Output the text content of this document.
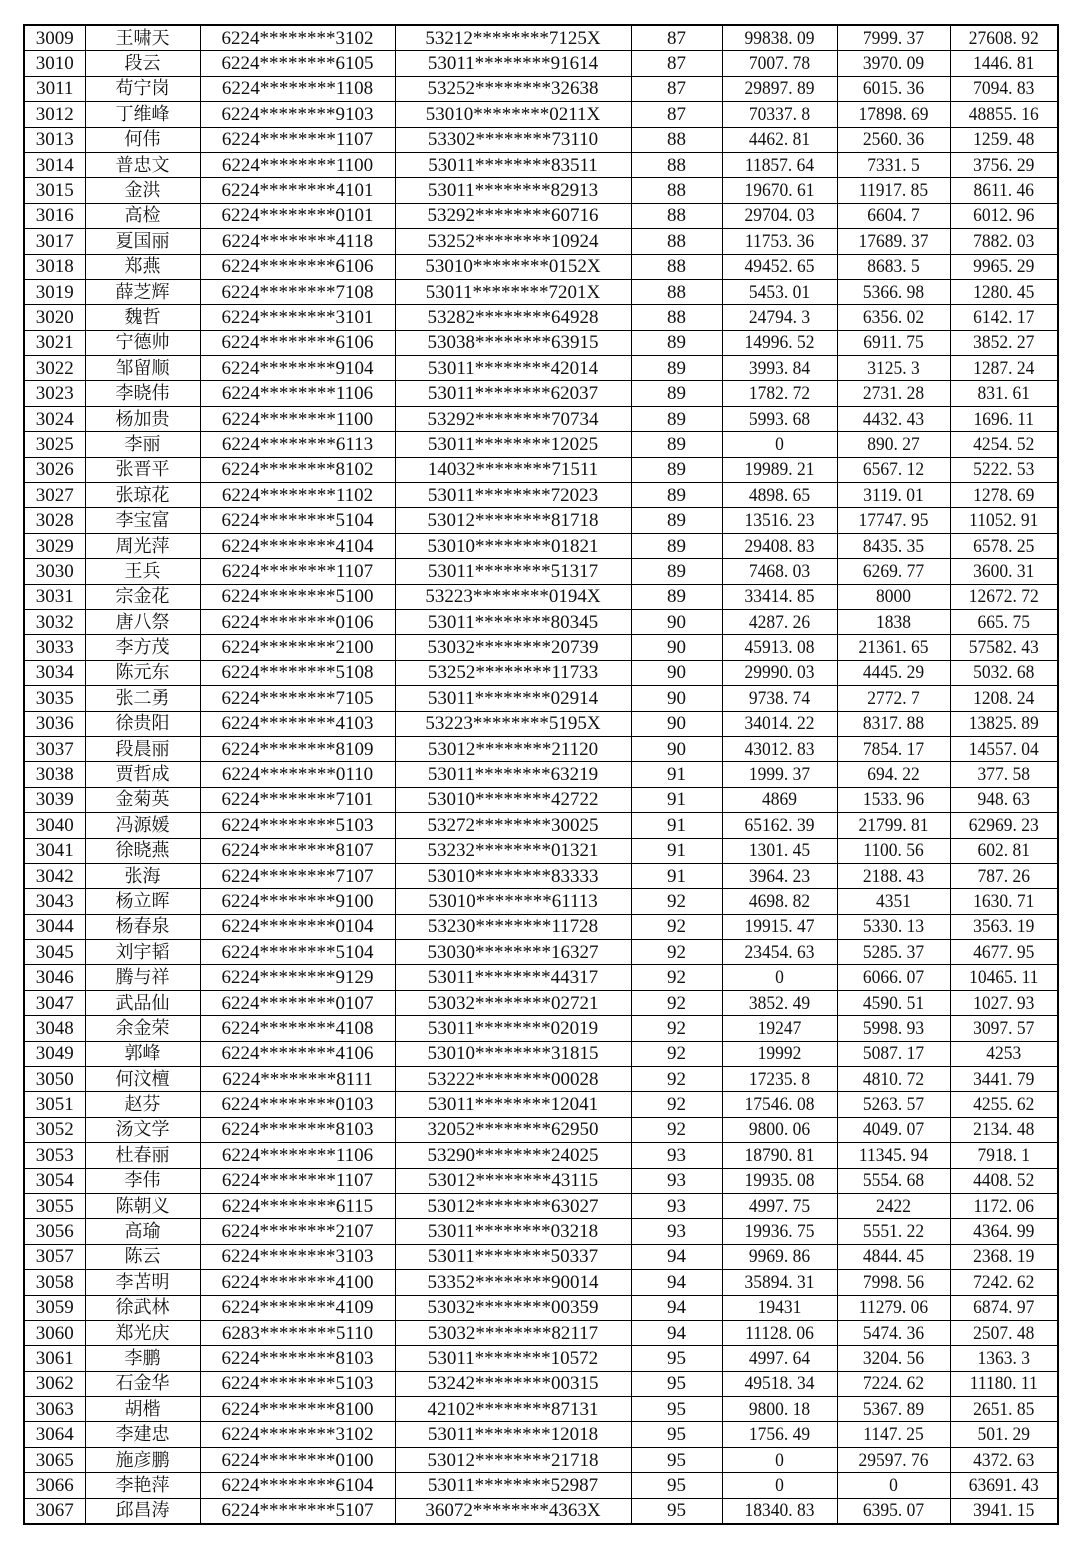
3009	王啸天	6224********3102	53212********7125X	87	99838. 09	7999. 37	27608. 92
3010	段云	6224********6105	53011********91614	87	7007. 78	3970. 09	1446. 81
3011	苟宁岗	6224********1108	53252********32638	87	29897. 89	6015. 36	7094. 83
3012	丁维峰	6224********9103	53010********0211X	87	70337. 8	17898. 69	48855. 16
3013	何伟	6224********1107	53302********73110	88	4462. 81	2560. 36	1259. 48
3014	普忠文	6224********1100	53011********83511	88	11857. 64	7331. 5	3756. 29
3015	金洪	6224********4101	53011********82913	88	19670. 61	11917. 85	8611. 46
3016	高检	6224********0101	53292********60716	88	29704. 03	6604. 7	6012. 96
3017	夏国丽	6224********4118	53252********10924	88	11753. 36	17689. 37	7882. 03
3018	郑燕	6224********6106	53010********0152X	88	49452. 65	8683. 5	9965. 29
3019	薛芝辉	6224********7108	53011********7201X	88	5453. 01	5366. 98	1280. 45
3020	魏哲	6224********3101	53282********64928	88	24794. 3	6356. 02	6142. 17
3021	宁德帅	6224********6106	53038********63915	89	14996. 52	6911. 75	3852. 27
3022	邹留顺	6224********9104	53011********42014	89	3993. 84	3125. 3	1287. 24
3023	李晓伟	6224********1106	53011********62037	89	1782. 72	2731. 28	831. 61
3024	杨加贵	6224********1100	53292********70734	89	5993. 68	4432. 43	1696. 11
3025	李丽	6224********6113	53011********12025	89	0	890. 27	4254. 52
3026	张晋平	6224********8102	14032********71511	89	19989. 21	6567. 12	5222. 53
3027	张琼花	6224********1102	53011********72023	89	4898. 65	3119. 01	1278. 69
3028	李宝富	6224********5104	53012********81718	89	13516. 23	17747. 95	11052. 91
3029	周光萍	6224********4104	53010********01821	89	29408. 83	8435. 35	6578. 25
3030	王兵	6224********1107	53011********51317	89	7468. 03	6269. 77	3600. 31
3031	宗金花	6224********5100	53223********0194X	89	33414. 85	8000	12672. 72
3032	唐八祭	6224********0106	53011********80345	90	4287. 26	1838	665. 75
3033	李方茂	6224********2100	53032********20739	90	45913. 08	21361. 65	57582. 43
3034	陈元东	6224********5108	53252********11733	90	29990. 03	4445. 29	5032. 68
3035	张二勇	6224********7105	53011********02914	90	9738. 74	2772. 7	1208. 24
3036	徐贵阳	6224********4103	53223********5195X	90	34014. 22	8317. 88	13825. 89
3037	段晨丽	6224********8109	53012********21120	90	43012. 83	7854. 17	14557. 04
3038	贾哲成	6224********0110	53011********63219	91	1999. 37	694. 22	377. 58
3039	金菊英	6224********7101	53010********42722	91	4869	1533. 96	948. 63
3040	冯源媛	6224********5103	53272********30025	91	65162. 39	21799. 81	62969. 23
3041	徐晓燕	6224********8107	53232********01321	91	1301. 45	1100. 56	602. 81
3042	张海	6224********7107	53010********83333	91	3964. 23	2188. 43	787. 26
3043	杨立晖	6224********9100	53010********61113	92	4698. 82	4351	1630. 71
3044	杨春泉	6224********0104	53230********11728	92	19915. 47	5330. 13	3563. 19
3045	刘宇韬	6224********5104	53030********16327	92	23454. 63	5285. 37	4677. 95
3046	腾与祥	6224********9129	53011********44317	92	0	6066. 07	10465. 11
3047	武品仙	6224********0107	53032********02721	92	3852. 49	4590. 51	1027. 93
3048	余金荣	6224********4108	53011********02019	92	19247	5998. 93	3097. 57
3049	郭峰	6224********4106	53010********31815	92	19992	5087. 17	4253
3050	何汶檀	6224********8111	53222********00028	92	17235. 8	4810. 72	3441. 79
3051	赵芬	6224********0103	53011********12041	92	17546. 08	5263. 57	4255. 62
3052	汤文学	6224********8103	32052********62950	92	9800. 06	4049. 07	2134. 48
3053	杜春丽	6224********1106	53290********24025	93	18790. 81	11345. 94	7918. 1
3054	李伟	6224********1107	53012********43115	93	19935. 08	5554. 68	4408. 52
3055	陈朝义	6224********6115	53012********63027	93	4997. 75	2422	1172. 06
3056	高瑜	6224********2107	53011********03218	93	19936. 75	5551. 22	4364. 99
3057	陈云	6224********3103	53011********50337	94	9969. 86	4844. 45	2368. 19
3058	李苫明	6224********4100	53352********90014	94	35894. 31	7998. 56	7242. 62
3059	徐武林	6224********4109	53032********00359	94	19431	11279. 06	6874. 97
3060	郑光庆	6283********5110	53032********82117	94	11128. 06	5474. 36	2507. 48
3061	李鹏	6224********8103	53011********10572	95	4997. 64	3204. 56	1363. 3
3062	石金华	6224********5103	53242********00315	95	49518. 34	7224. 62	11180. 11
3063	胡楷	6224********8100	42102********87131	95	9800. 18	5367. 89	2651. 85
3064	李建忠	6224********3102	53011********12018	95	1756. 49	1147. 25	501. 29
3065	施彦鹏	6224********0100	53012********21718	95	0	29597. 76	4372. 63
3066	李艳萍	6224********6104	53011********52987	95	0	0	63691. 43
3067	邱昌涛	6224********5107	36072********4363X	95	18340. 83	6395. 07	3941. 15
